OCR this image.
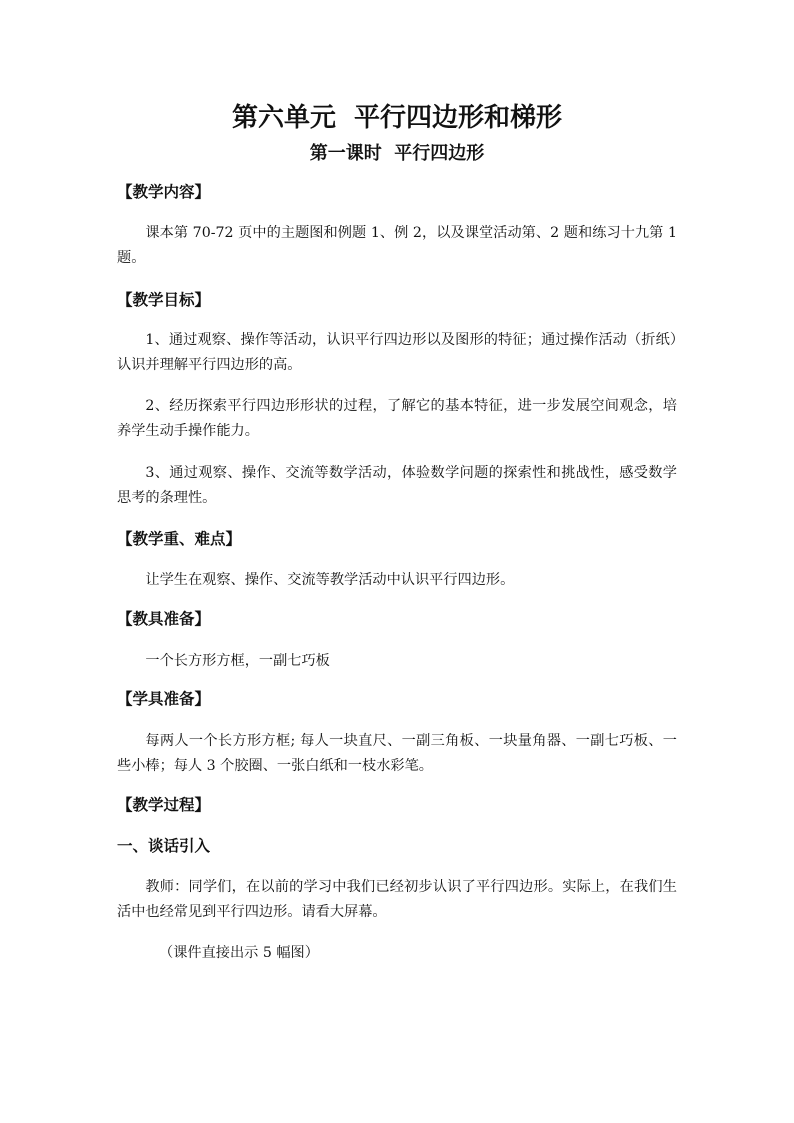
第六单元  平行四边形和梯形
第一课时  平行四边形
【教学内容】

课本第 70-72 页中的主题图和例题 1、例 2，以及课堂活动第、2 题和练习十九第 1 题。

【教学目标】

1、通过观察、操作等活动，认识平行四边形以及图形的特征；通过操作活动（折纸）认识并理解平行四边形的高。

2、经历探索平行四边形形状的过程，了解它的基本特征，进一步发展空间观念，培养学生动手操作能力。

3、通过观察、操作、交流等数学活动，体验数学问题的探索性和挑战性，感受数学思考的条理性。

【教学重、难点】

让学生在观察、操作、交流等教学活动中认识平行四边形。

【教具准备】

一个长方形方框，一副七巧板

【学具准备】

每两人一个长方形方框; 每人一块直尺、一副三角板、一块量角器、一副七巧板、一些小棒；每人 3 个胶圈、一张白纸和一枝水彩笔。

【教学过程】
一、谈话引入

教师：同学们，在以前的学习中我们已经初步认识了平行四边形。实际上，在我们生活中也经常见到平行四边形。请看大屏幕。

（课件直接出示 5 幅图）
